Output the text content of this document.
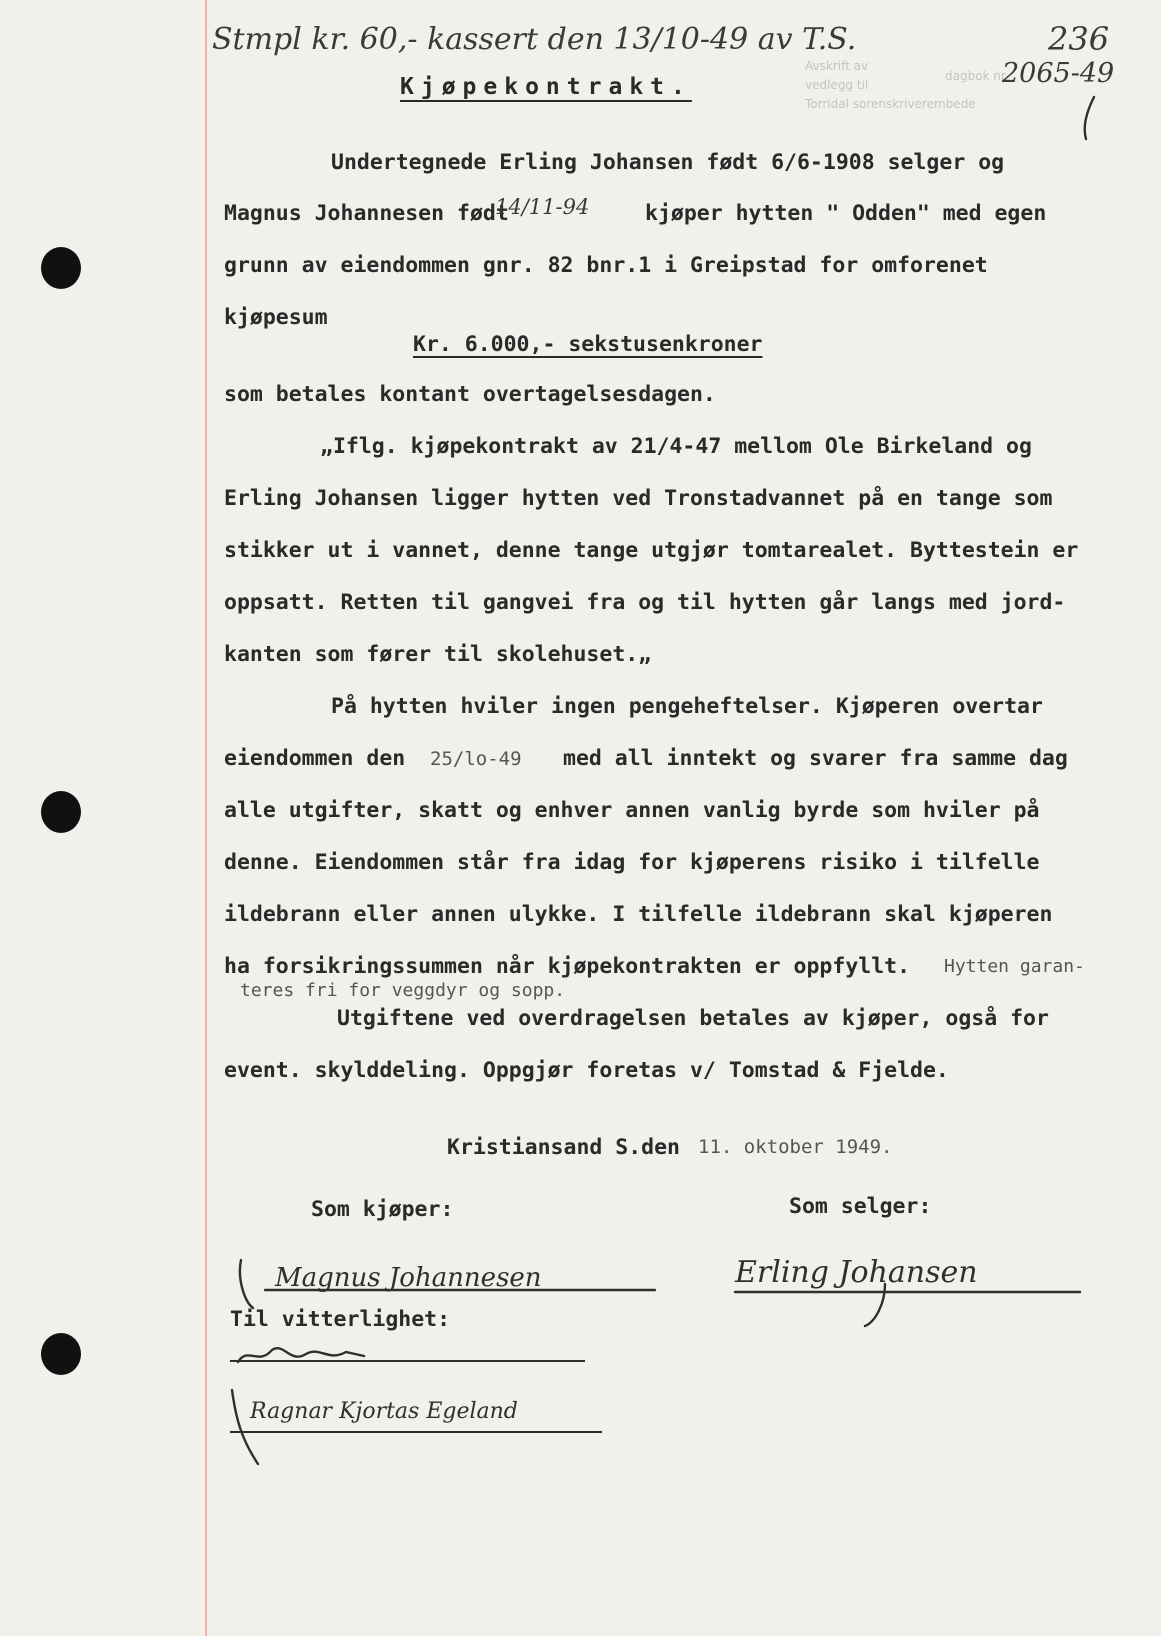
Stmpl kr. 60,- kassert den 13/10-49 av T.S.	236
2065-49
Avskrift av
vedlegg til
dagbok nr.
Torridal sorenskriverembede
Kjøpekontrakt.
Undertegnede Erling Johansen født 6/6-1908 selger og
Magnus Johannesen født
14/11-94	kjøper hytten " Odden" med egen
grunn av eiendommen gnr. 82 bnr.1 i Greipstad for omforenet
kjøpesum
Kr. 6.000,- sekstusenkroner
som betales kontant overtagelsesdagen.
„Iflg. kjøpekontrakt av 21/4-47 mellom Ole Birkeland og
Erling Johansen ligger hytten ved Tronstadvannet på en tange som
stikker ut i vannet, denne tange utgjør tomtarealet. Byttestein er
oppsatt. Retten til gangvei fra og til hytten går langs med jord-
kanten som fører til skolehuset.„
På hytten hviler ingen pengeheftelser. Kjøperen overtar
eiendommen den 25/lo-49 med all inntekt og svarer fra samme dag
alle utgifter, skatt og enhver annen vanlig byrde som hviler på
denne. Eiendommen står fra idag for kjøperens risiko i tilfelle
ildebrann eller annen ulykke. I tilfelle ildebrann skal kjøperen
ha forsikringssummen når kjøpekontrakten er oppfyllt. Hytten garan-
teres fri for veggdyr og sopp.
Utgiftene ved overdragelsen betales av kjøper, også for
event. skylddeling. Oppgjør foretas v/ Tomstad & Fjelde.
Kristiansand S.den 11. oktober 1949.
Som kjøper:	Som selger:
Magnus Johannesen	Erling Johansen
Til vitterlighet:
Ragnar Kjortas Egeland
